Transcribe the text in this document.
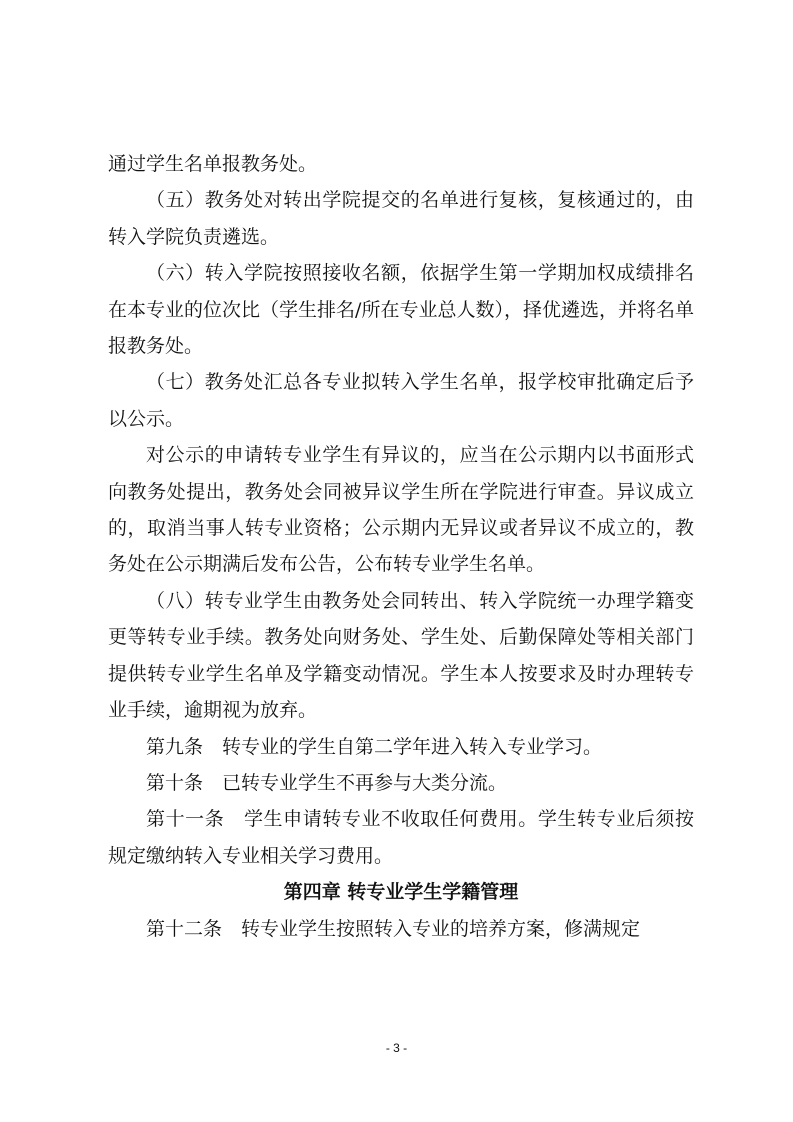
通过学生名单报教务处。

（五）教务处对转出学院提交的名单进行复核，复核通过的，由转入学院负责遴选。

（六）转入学院按照接收名额，依据学生第一学期加权成绩排名在本专业的位次比（学生排名/所在专业总人数），择优遴选，并将名单报教务处。

（七）教务处汇总各专业拟转入学生名单，报学校审批确定后予以公示。

对公示的申请转专业学生有异议的，应当在公示期内以书面形式向教务处提出，教务处会同被异议学生所在学院进行审查。异议成立的，取消当事人转专业资格；公示期内无异议或者异议不成立的，教务处在公示期满后发布公告，公布转专业学生名单。

（八）转专业学生由教务处会同转出、转入学院统一办理学籍变更等转专业手续。教务处向财务处、学生处、后勤保障处等相关部门提供转专业学生名单及学籍变动情况。学生本人按要求及时办理转专业手续，逾期视为放弃。

第九条　转专业的学生自第二学年进入转入专业学习。

第十条　已转专业学生不再参与大类分流。

第十一条　学生申请转专业不收取任何费用。学生转专业后须按规定缴纳转入专业相关学习费用。

第四章 转专业学生学籍管理

第十二条　转专业学生按照转入专业的培养方案，修满规定

- 3 -
